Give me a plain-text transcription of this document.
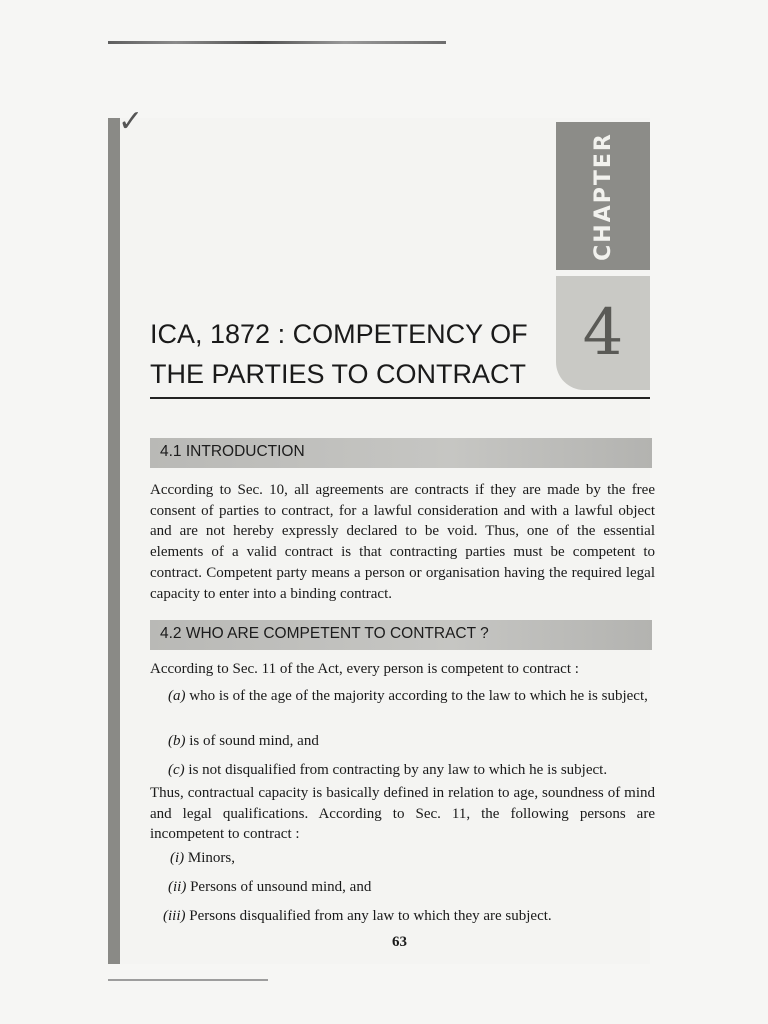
✓
CHAPTER
4
ICA, 1872 : COMPETENCY OF
THE PARTIES TO CONTRACT
4.1 INTRODUCTION

According to Sec. 10, all agreements are contracts if they are made by the free consent of parties to contract, for a lawful consideration and with a lawful object and are not hereby expressly declared to be void. Thus, one of the essential elements of a valid contract is that contracting parties must be competent to contract. Competent party means a person or organisation having the required legal capacity to enter into a binding contract.

4.2 WHO ARE COMPETENT TO CONTRACT ?

According to Sec. 11 of the Act, every person is competent to contract :

(a) who is of the age of the majority according to the law to which he is subject,
(b) is of sound mind, and
(c) is not disqualified from contracting by any law to which he is subject.

Thus, contractual capacity is basically defined in relation to age, soundness of mind and legal qualifications. According to Sec. 11, the following persons are incompetent to contract :

(i) Minors,
(ii) Persons of unsound mind, and
(iii) Persons disqualified from any law to which they are subject.
63
